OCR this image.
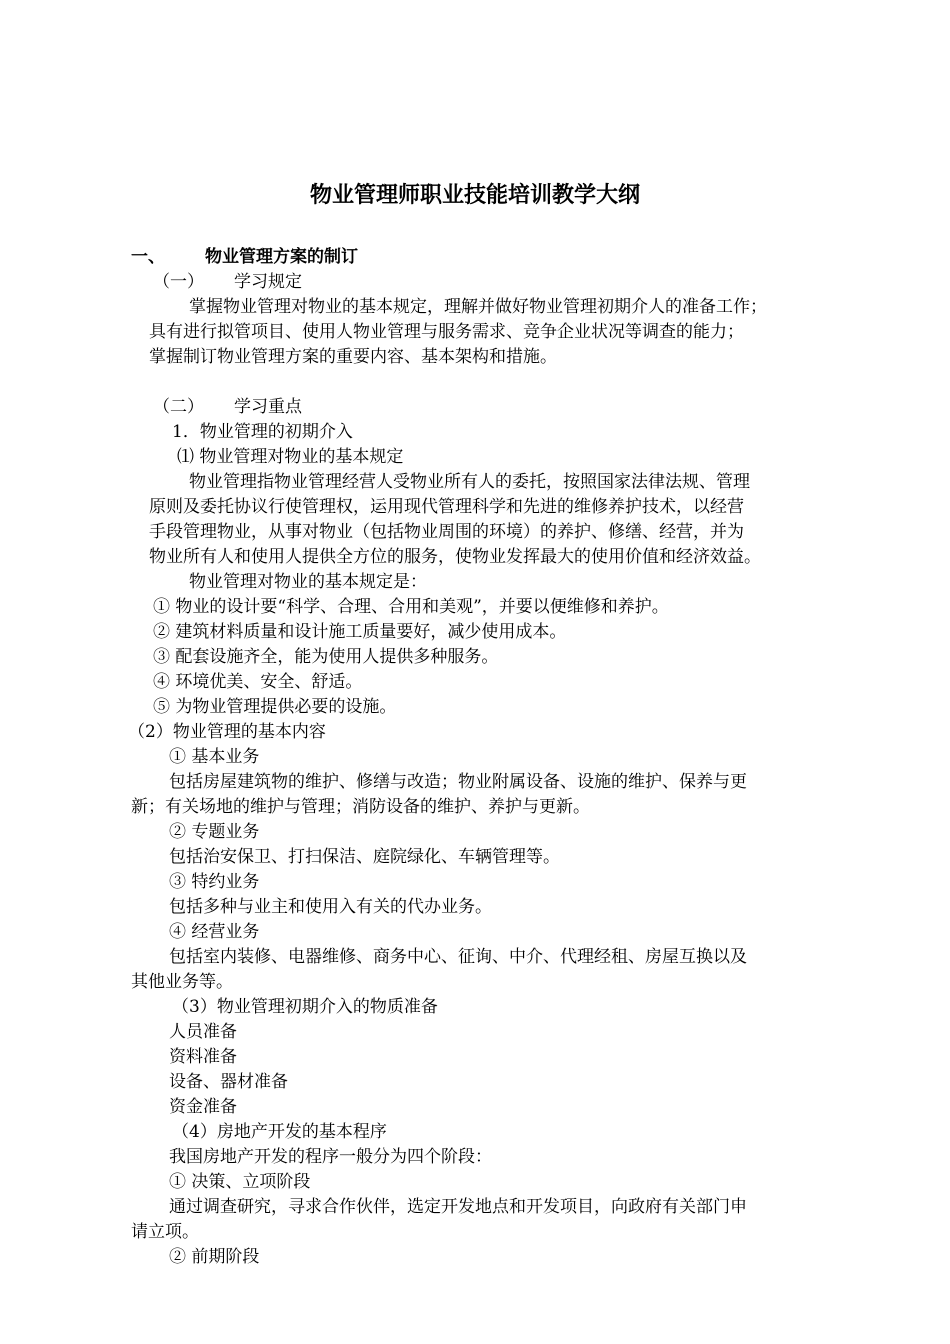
物业管理师职业技能培训教学大纲
一、 物业管理方案的制订
（一） 学习规定
掌握物业管理对物业的基本规定，理解并做好物业管理初期介人的准备工作；
具有进行拟管项目、使用人物业管理与服务需求、竞争企业状况等调查的能力；
掌握制订物业管理方案的重要内容、基本架构和措施。
（二） 学习重点
1．物业管理的初期介入
⑴ 物业管理对物业的基本规定
物业管理指物业管理经营人受物业所有人的委托，按照国家法律法规、管理
原则及委托协议行使管理权，运用现代管理科学和先进的维修养护技术，以经营
手段管理物业，从事对物业（包括物业周围的环境）的养护、修缮、经营，并为
物业所有人和使用人提供全方位的服务，使物业发挥最大的使用价值和经济效益。
物业管理对物业的基本规定是：
① 物业的设计要“科学、合理、合用和美观”，并要以便维修和养护。
② 建筑材料质量和设计施工质量要好，减少使用成本。
③ 配套设施齐全，能为使用人提供多种服务。
④ 环境优美、安全、舒适。
⑤ 为物业管理提供必要的设施。
（2）物业管理的基本内容
① 基本业务
包括房屋建筑物的维护、修缮与改造；物业附属设备、设施的维护、保养与更
新；有关场地的维护与管理；消防设备的维护、养护与更新。
② 专题业务
包括治安保卫、打扫保洁、庭院绿化、车辆管理等。
③ 特约业务
包括多种与业主和使用入有关的代办业务。
④ 经营业务
包括室内装修、电器维修、商务中心、征询、中介、代理经租、房屋互换以及
其他业务等。
（3）物业管理初期介入的物质准备
人员准备
资料准备
设备、器材准备
资金准备
（4）房地产开发的基本程序
我国房地产开发的程序一般分为四个阶段：
① 决策、立项阶段
通过调查研究，寻求合作伙伴，选定开发地点和开发项目，向政府有关部门申
请立项。
② 前期阶段
